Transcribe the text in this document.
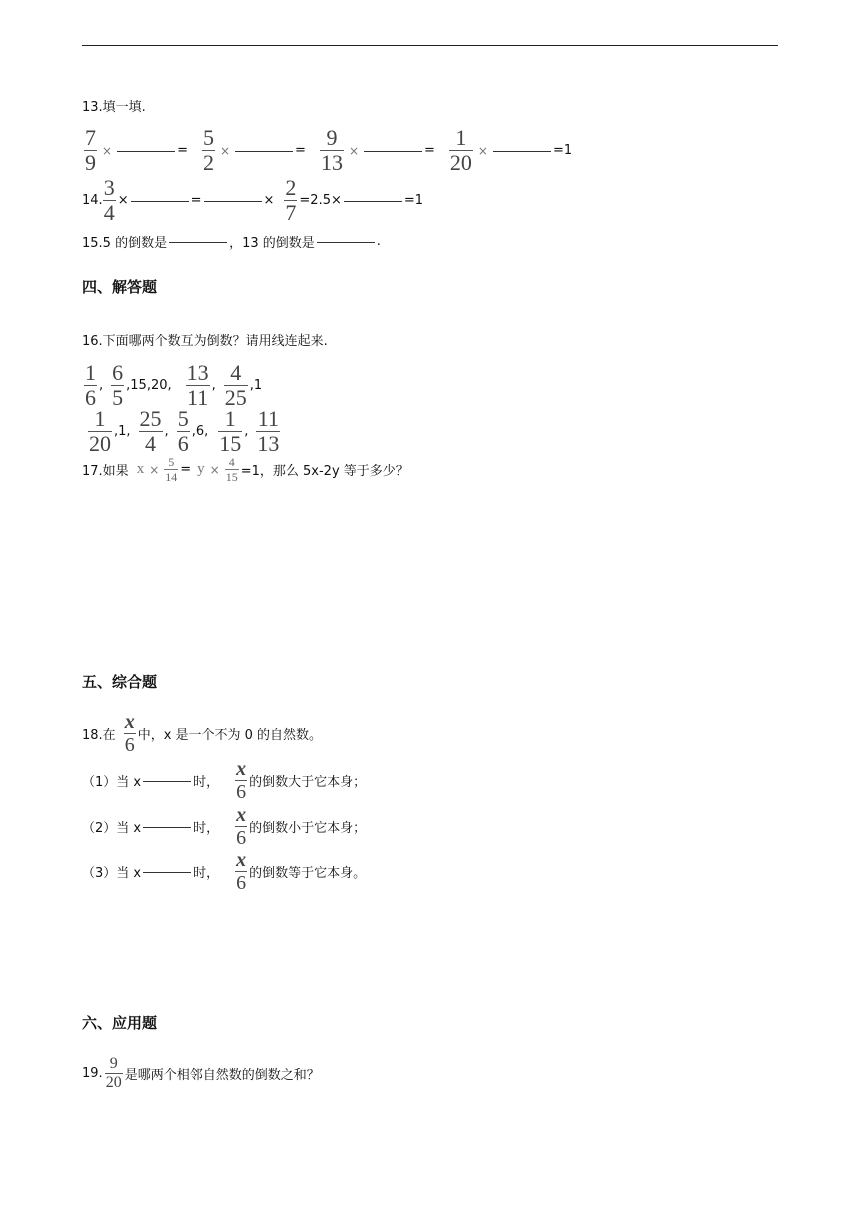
13.填一填.
$\frac{7}{9}$ ×	= $\frac{5}{2}$ ×	= $\frac{9}{13}$ ×	= $\frac{1}{20}$ ×	=1
14. $\frac{3}{4}$ ×	=	× $\frac{2}{7} =2.5\times$	=1
15.5 的倒数是	，13 的倒数是	.
四、解答题
16.下面哪两个数互为倒数？请用线连起来.
$\frac{1}{6}$ , $\frac{6}{5} ,15,20$, $\frac{13}{11}$ , $\frac{4}{25} ,1$
$\frac{1}{20} ,1$, $\frac{25}{4}$ , $\frac{5}{6} ,6$, $\frac{1}{15}$ , $\frac{11}{13}$
17.如果 $x \times \frac{5}{14} = y \times \frac{4}{15} =1$，那么 5x-2y 等于多少？
五、综合题
18.在 $\frac{x}{6}$ 中，x 是一个不为 0 的自然数。
（1）当 x	时， $\frac{x}{6}$ 的倒数大于它本身；
（2）当 x	时， $\frac{x}{6}$ 的倒数小于它本身；
（3）当 x	时， $\frac{x}{6}$ 的倒数等于它本身。
六、应用题
19. $\frac{9}{20}$ 是哪两个相邻自然数的倒数之和？
